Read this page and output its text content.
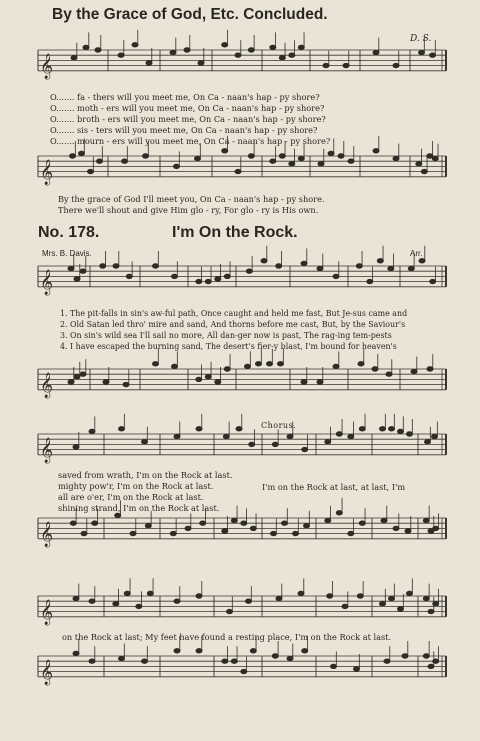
𝄞
𝄞
𝄞
𝄞
𝄞
𝄞
𝄞
𝄞
By the Grace of God, Etc. Concluded.
D. S.
O....... fa - thers will you meet me, On Ca - naan's hap - py shore?
O....... moth - ers will you meet me, On Ca - naan's hap - py shore?
O....... broth - ers will you meet me, On Ca - naan's hap - py shore?
O....... sis - ters will you meet me, On Ca - naan's hap - py shore?
O....... mourn - ers will you meet me, On Ca - naan's hap - py shore?
By the grace of God I'll meet you, On Ca - naan's hap - py shore.
There we'll shout and give Him glo - ry, For glo - ry is His own.
No. 178.	I'm On the Rock.
Mrs. B. Davis.	Arr.
1. The pit-falls in sin's aw-ful path, Once caught and held me fast, But Je-sus came and
2. Old Satan led thro' mire and sand, And thorns before me cast, But, by the Saviour's
3. On sin's wild sea I'll sail no more, All dan-ger now is past, The rag-ing tem-pests
4. I have escaped the burning sand, The desert's fier-y blast, I'm bound for heaven's
Chorus.
saved from wrath, I'm on the Rock at last.
mighty pow'r, I'm on the Rock at last.
all are o'er, I'm on the Rock at last.
shining strand, I'm on the Rock at last.
I'm on the Rock at last, at last, I'm
on the Rock at last; My feet have found a resting place, I'm on the Rock at last.
